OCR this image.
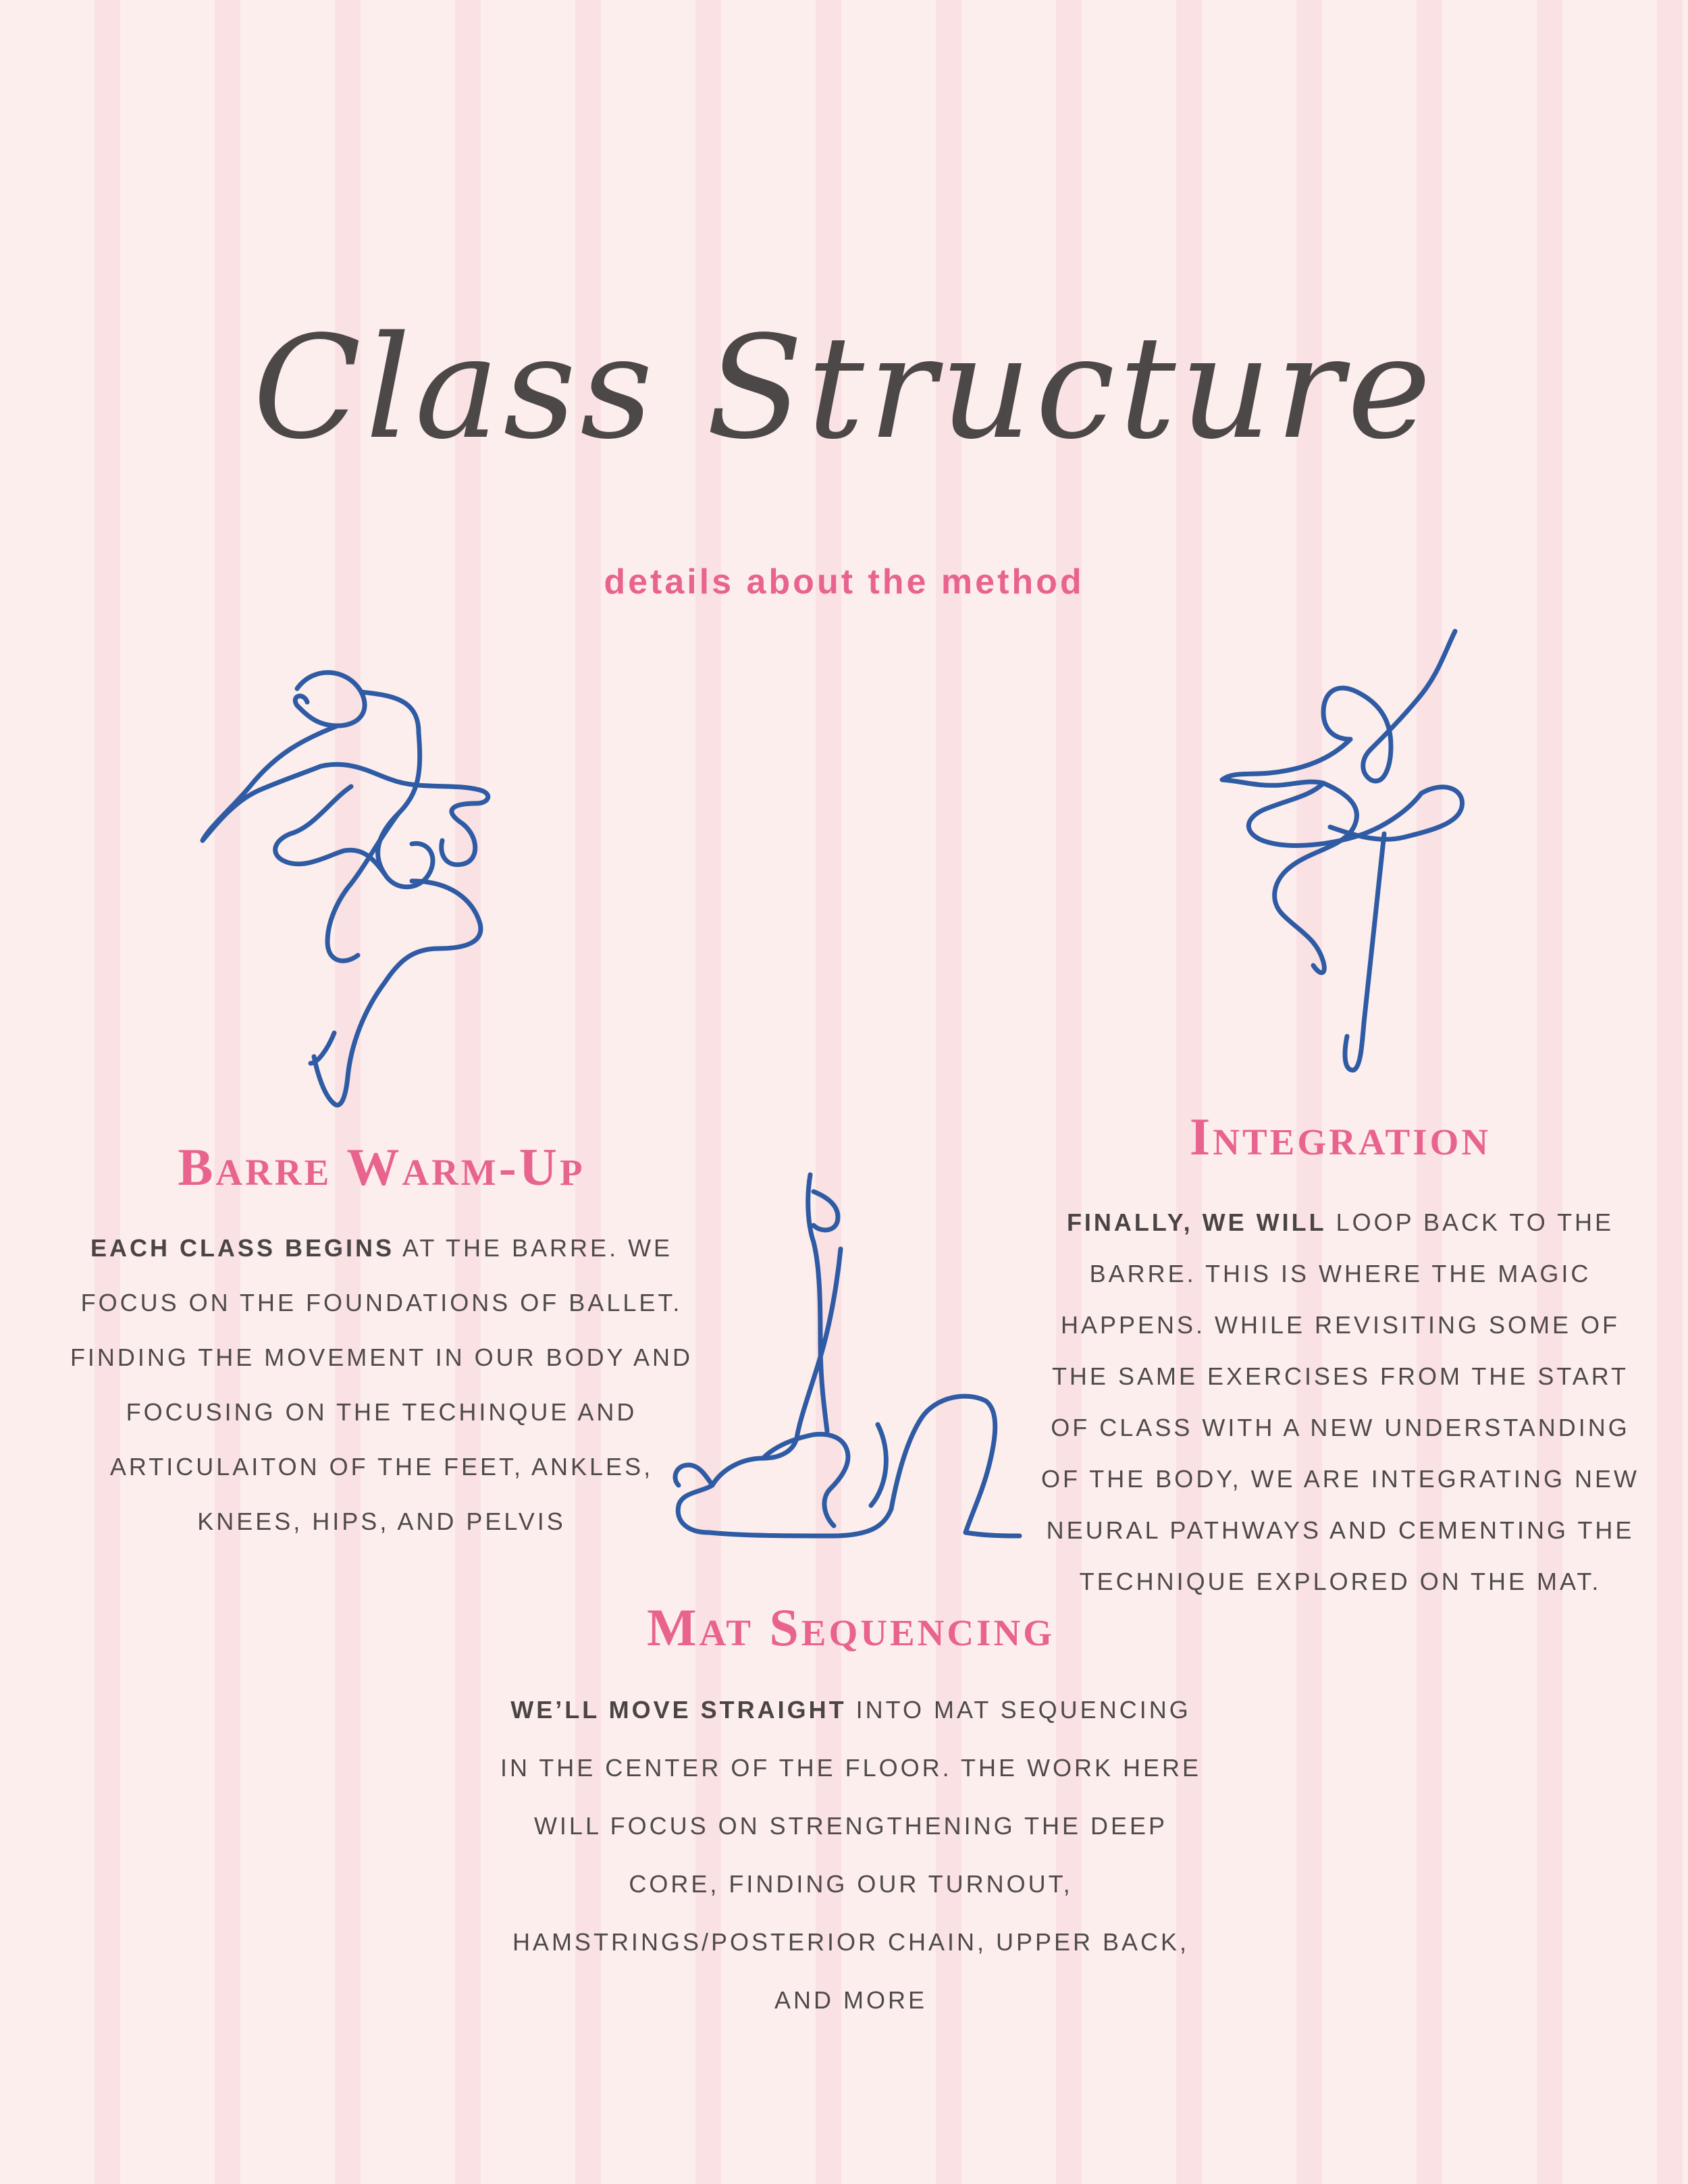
Class Structure
details about the method
Barre Warm-Up

EACH CLASS BEGINS AT THE BARRE. WE FOCUS ON THE FOUNDATIONS OF BALLET. FINDING THE MOVEMENT IN OUR BODY AND FOCUSING ON THE TECHINQUE AND ARTICULAITON OF THE FEET, ANKLES, KNEES, HIPS, AND PELVIS

Integration

FINALLY, WE WILL LOOP BACK TO THE BARRE. THIS IS WHERE THE MAGIC HAPPENS. WHILE REVISITING SOME OF THE SAME EXERCISES FROM THE START OF CLASS WITH A NEW UNDERSTANDING OF THE BODY, WE ARE INTEGRATING NEW NEURAL PATHWAYS AND CEMENTING THE TECHNIQUE EXPLORED ON THE MAT.

Mat Sequencing

WE’LL MOVE STRAIGHT INTO MAT SEQUENCING IN THE CENTER OF THE FLOOR. THE WORK HERE WILL FOCUS ON STRENGTHENING THE DEEP CORE, FINDING OUR TURNOUT, HAMSTRINGS/POSTERIOR CHAIN, UPPER BACK, AND MORE
